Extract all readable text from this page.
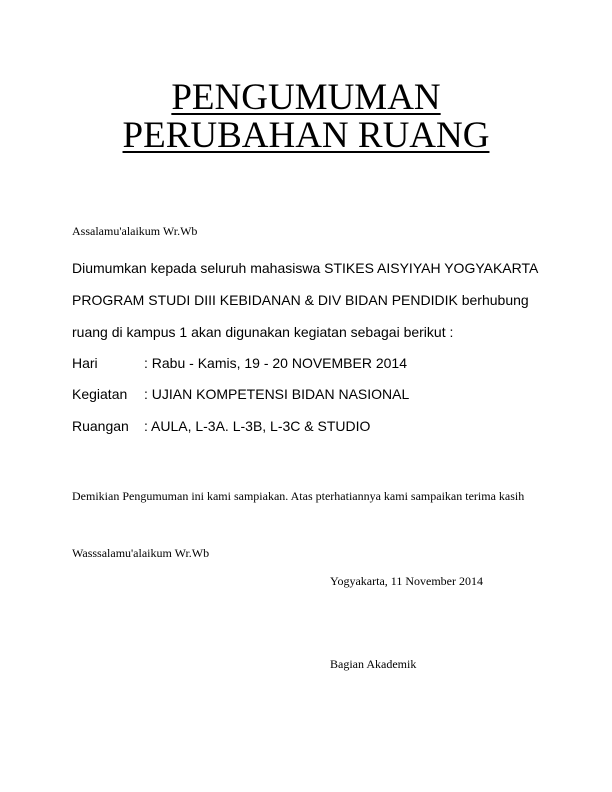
PENGUMUMAN
PERUBAHAN RUANG
Assalamu'alaikum Wr.Wb
Diumumkan kepada seluruh mahasiswa STIKES AISYIYAH YOGYAKARTA
PROGRAM STUDI DIII KEBIDANAN & DIV BIDAN PENDIDIK berhubung
ruang di kampus 1 akan digunakan kegiatan sebagai berikut :
Hari	: Rabu - Kamis, 19 - 20 NOVEMBER 2014
Kegiatan : UJIAN KOMPETENSI BIDAN NASIONAL
Ruangan : AULA, L-3A. L-3B, L-3C & STUDIO
Demikian Pengumuman ini kami sampiakan. Atas pterhatiannya kami sampaikan terima kasih
Wasssalamu'alaikum Wr.Wb
Yogyakarta, 11 November 2014
Bagian Akademik
